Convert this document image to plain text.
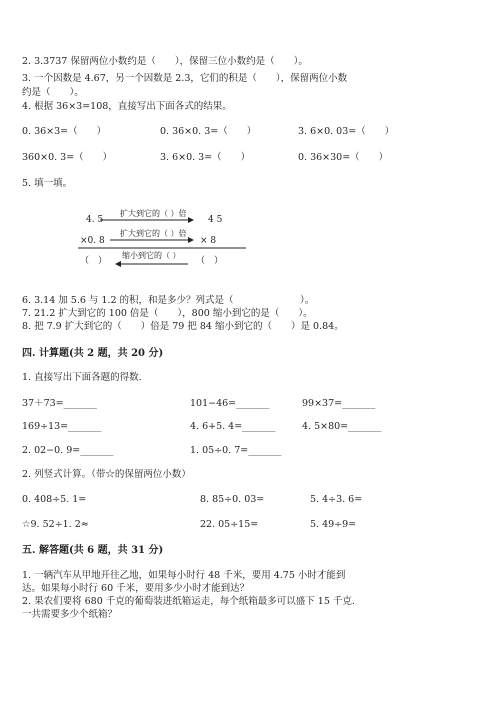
2. 3.3737 保留两位小数约是（　　），保留三位小数约是（　　）。
3. 一个因数是 4.67，另一个因数是 2.3，它们的积是（　　），保留两位小数
约是（　　）。
4. 根据 36×3=108，直接写出下面各式的结果。
0. 36×3=（　　）	0. 36×0. 3=（　　）	3. 6×0. 03=（　　）
360×0. 3=（　　）	3. 6×0. 3=（　　）	0. 36×30=（　　）
5. 填一填。
4. 5
扩大到它的（ ）倍
4 5
×0. 8
扩大到它的（ ）倍
× 8
（　）
缩小到它的（ ）
（　）
6. 3.14 加 5.6 与 1.2 的积，和是多少？列式是（　　　　　　　）。
7. 21.2 扩大到它的 100 倍是（　　），800 缩小到它的是（　　）。
8. 把 7.9 扩大到它的（　　）倍是 79 把 84 缩小到它的（　　）是 0.84。
四. 计算题(共 2 题，共 20 分)
1. 直接写出下面各题的得数.
37＋73=_______	101−46=_______	99×37=_______
169÷13=_______	4. 6+5. 4=_______	4. 5×80=_______
2. 02−0. 9=_______	1. 05÷0. 7=_______
2. 列竖式计算。（带☆的保留两位小数）
0. 408÷5. 1=	8. 85÷0. 03=	5. 4÷3. 6=
☆9. 52÷1. 2≈	22. 05÷15=	5. 49÷9=
五. 解答题(共 6 题，共 31 分)
1. 一辆汽车从甲地开往乙地，如果每小时行 48 千米，要用 4.75 小时才能到
达。如果每小时行 60 千米，要用多少小时才能到达？
2. 果农们要将 680 千克的葡萄装进纸箱运走，每个纸箱最多可以盛下 15 千克.
一共需要多少个纸箱？
